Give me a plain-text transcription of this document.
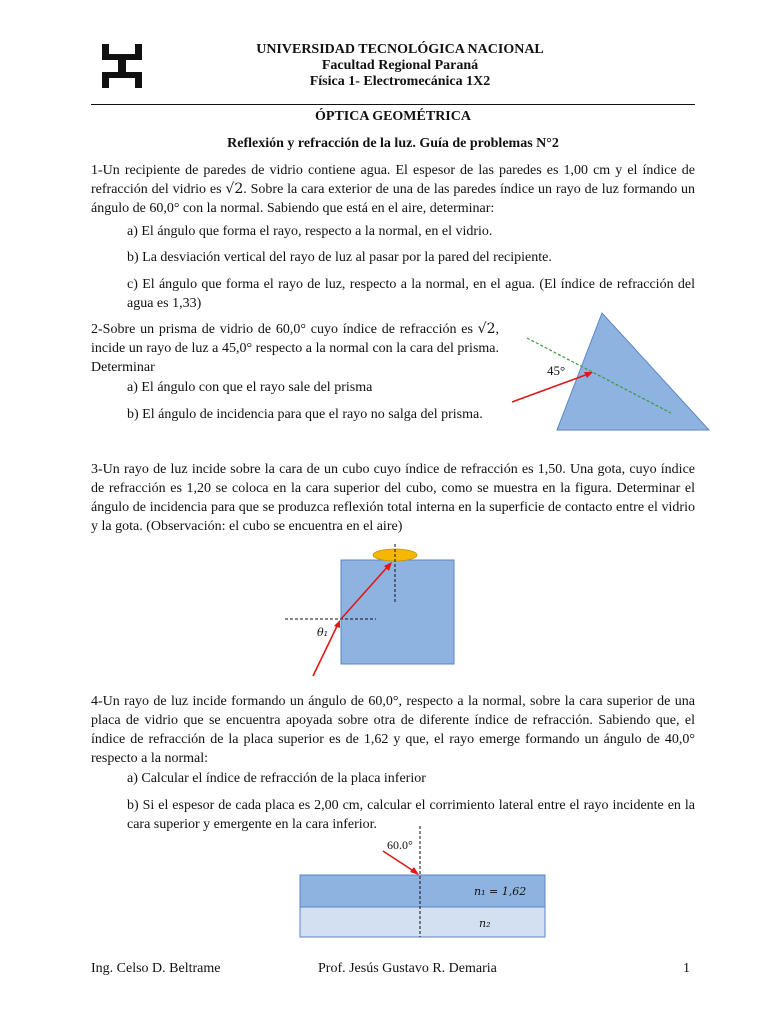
UNIVERSIDAD TECNOLÓGICA NACIONAL
Facultad Regional Paraná
Física 1- Electromecánica 1X2
ÓPTICA GEOMÉTRICA
Reflexión y refracción de la luz. Guía de problemas N°2
1-Un recipiente de paredes de vidrio contiene agua. El espesor de las paredes es 1,00 cm y el índice de refracción del vidrio es √2. Sobre la cara exterior de una de las paredes índice un rayo de luz formando un ángulo de 60,0° con la normal. Sabiendo que está en el aire, determinar:
a) El ángulo que forma el rayo, respecto a la normal, en el vidrio.
b) La desviación vertical del rayo de luz al pasar por la pared del recipiente.
c) El ángulo que forma el rayo de luz, respecto a la normal, en el agua. (El índice de refracción del agua es 1,33)
2-Sobre un prisma de vidrio de 60,0° cuyo índice de refracción es √2, incide un rayo de luz a 45,0° respecto a la normal con la cara del prisma. Determinar
a) El ángulo con que el rayo sale del prisma
b) El ángulo de incidencia para que el rayo no salga del prisma.
45°
3-Un rayo de luz incide sobre la cara de un cubo cuyo índice de refracción es 1,50. Una gota, cuyo índice de refracción es 1,20 se coloca en la cara superior del cubo, como se muestra en la figura. Determinar el ángulo de incidencia para que se produzca reflexión total interna en la superficie de contacto entre el vidrio y la gota. (Observación: el cubo se encuentra en el aire)
θ₁
4-Un rayo de luz incide formando un ángulo de 60,0°, respecto a la normal, sobre la cara superior de una placa de vidrio que se encuentra apoyada sobre otra de diferente índice de refracción. Sabiendo que, el índice de refracción de la placa superior es de 1,62 y que, el rayo emerge formando un ángulo de 40,0° respecto a la normal:
a) Calcular el índice de refracción de la placa inferior
b) Si el espesor de cada placa es 2,00 cm, calcular el corrimiento lateral entre el rayo incidente en la cara superior y emergente en la cara inferior.
60.0°
n₁ = 1,62
n₂
Ing. Celso D. Beltrame	Prof. Jesús Gustavo R. Demaria	1
